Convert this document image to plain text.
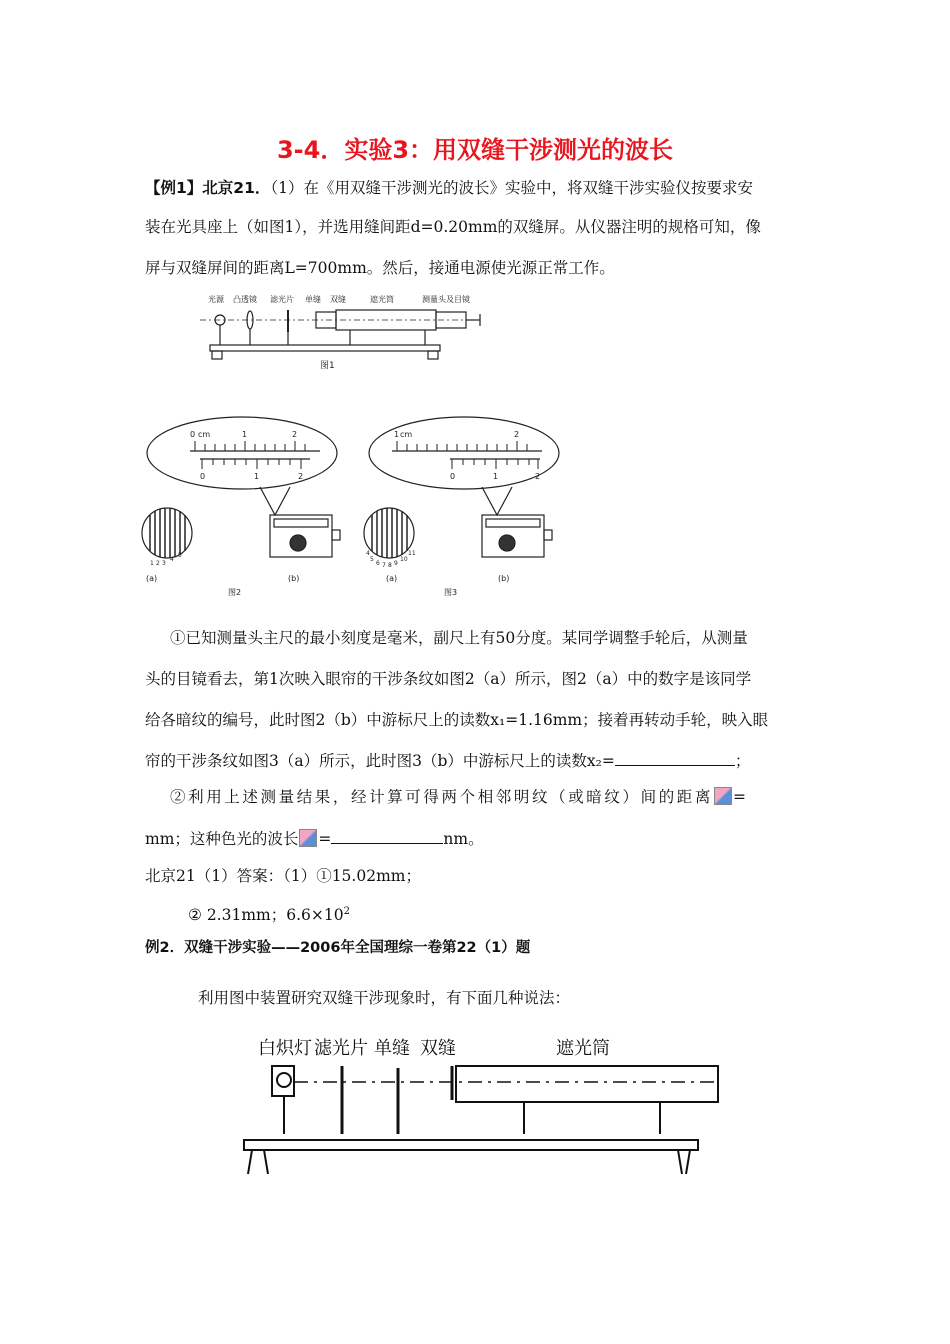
3-4．实验3：用双缝干涉测光的波长
【例1】北京21．（1）在《用双缝干涉测光的波长》实验中，将双缝干涉实验仪按要求安
装在光具座上（如图1），并选用缝间距d=0.20mm的双缝屏。从仪器注明的规格可知，像
屏与双缝屏间的距离L=700mm。然后，接通电源使光源正常工作。
光源 凸透镜 滤光片 单缝 双缝	遮光筒	测量头及目镜
图1
0 cm	1	2
0	1	2
1 2 3
4
5
(a)	(b)
图2
1 cm	2
0	1	2
4
5
6 7 8 9
10
11
(a)	(b)
图3
①已知测量头主尺的最小刻度是毫米，副尺上有50分度。某同学调整手轮后，从测量
头的目镜看去，第1次映入眼帘的干涉条纹如图2（a）所示，图2（a）中的数字是该同学
给各暗纹的编号，此时图2（b）中游标尺上的读数x₁=1.16mm；接着再转动手轮，映入眼
帘的干涉条纹如图3（a）所示，此时图3（b）中游标尺上的读数x₂=	；
②利用上述测量结果，经计算可得两个相邻明纹（或暗纹）间的距离 =
mm；这种色光的波长 =	nm。
北京21（1）答案：（1）①15.02mm；
② 2.31mm；$6.6\times 10^2$
例2．双缝干涉实验——2006年全国理综一卷第22（1）题
利用图中装置研究双缝干涉现象时，有下面几种说法：
白炽灯 滤光片 单缝 双缝	遮光筒
